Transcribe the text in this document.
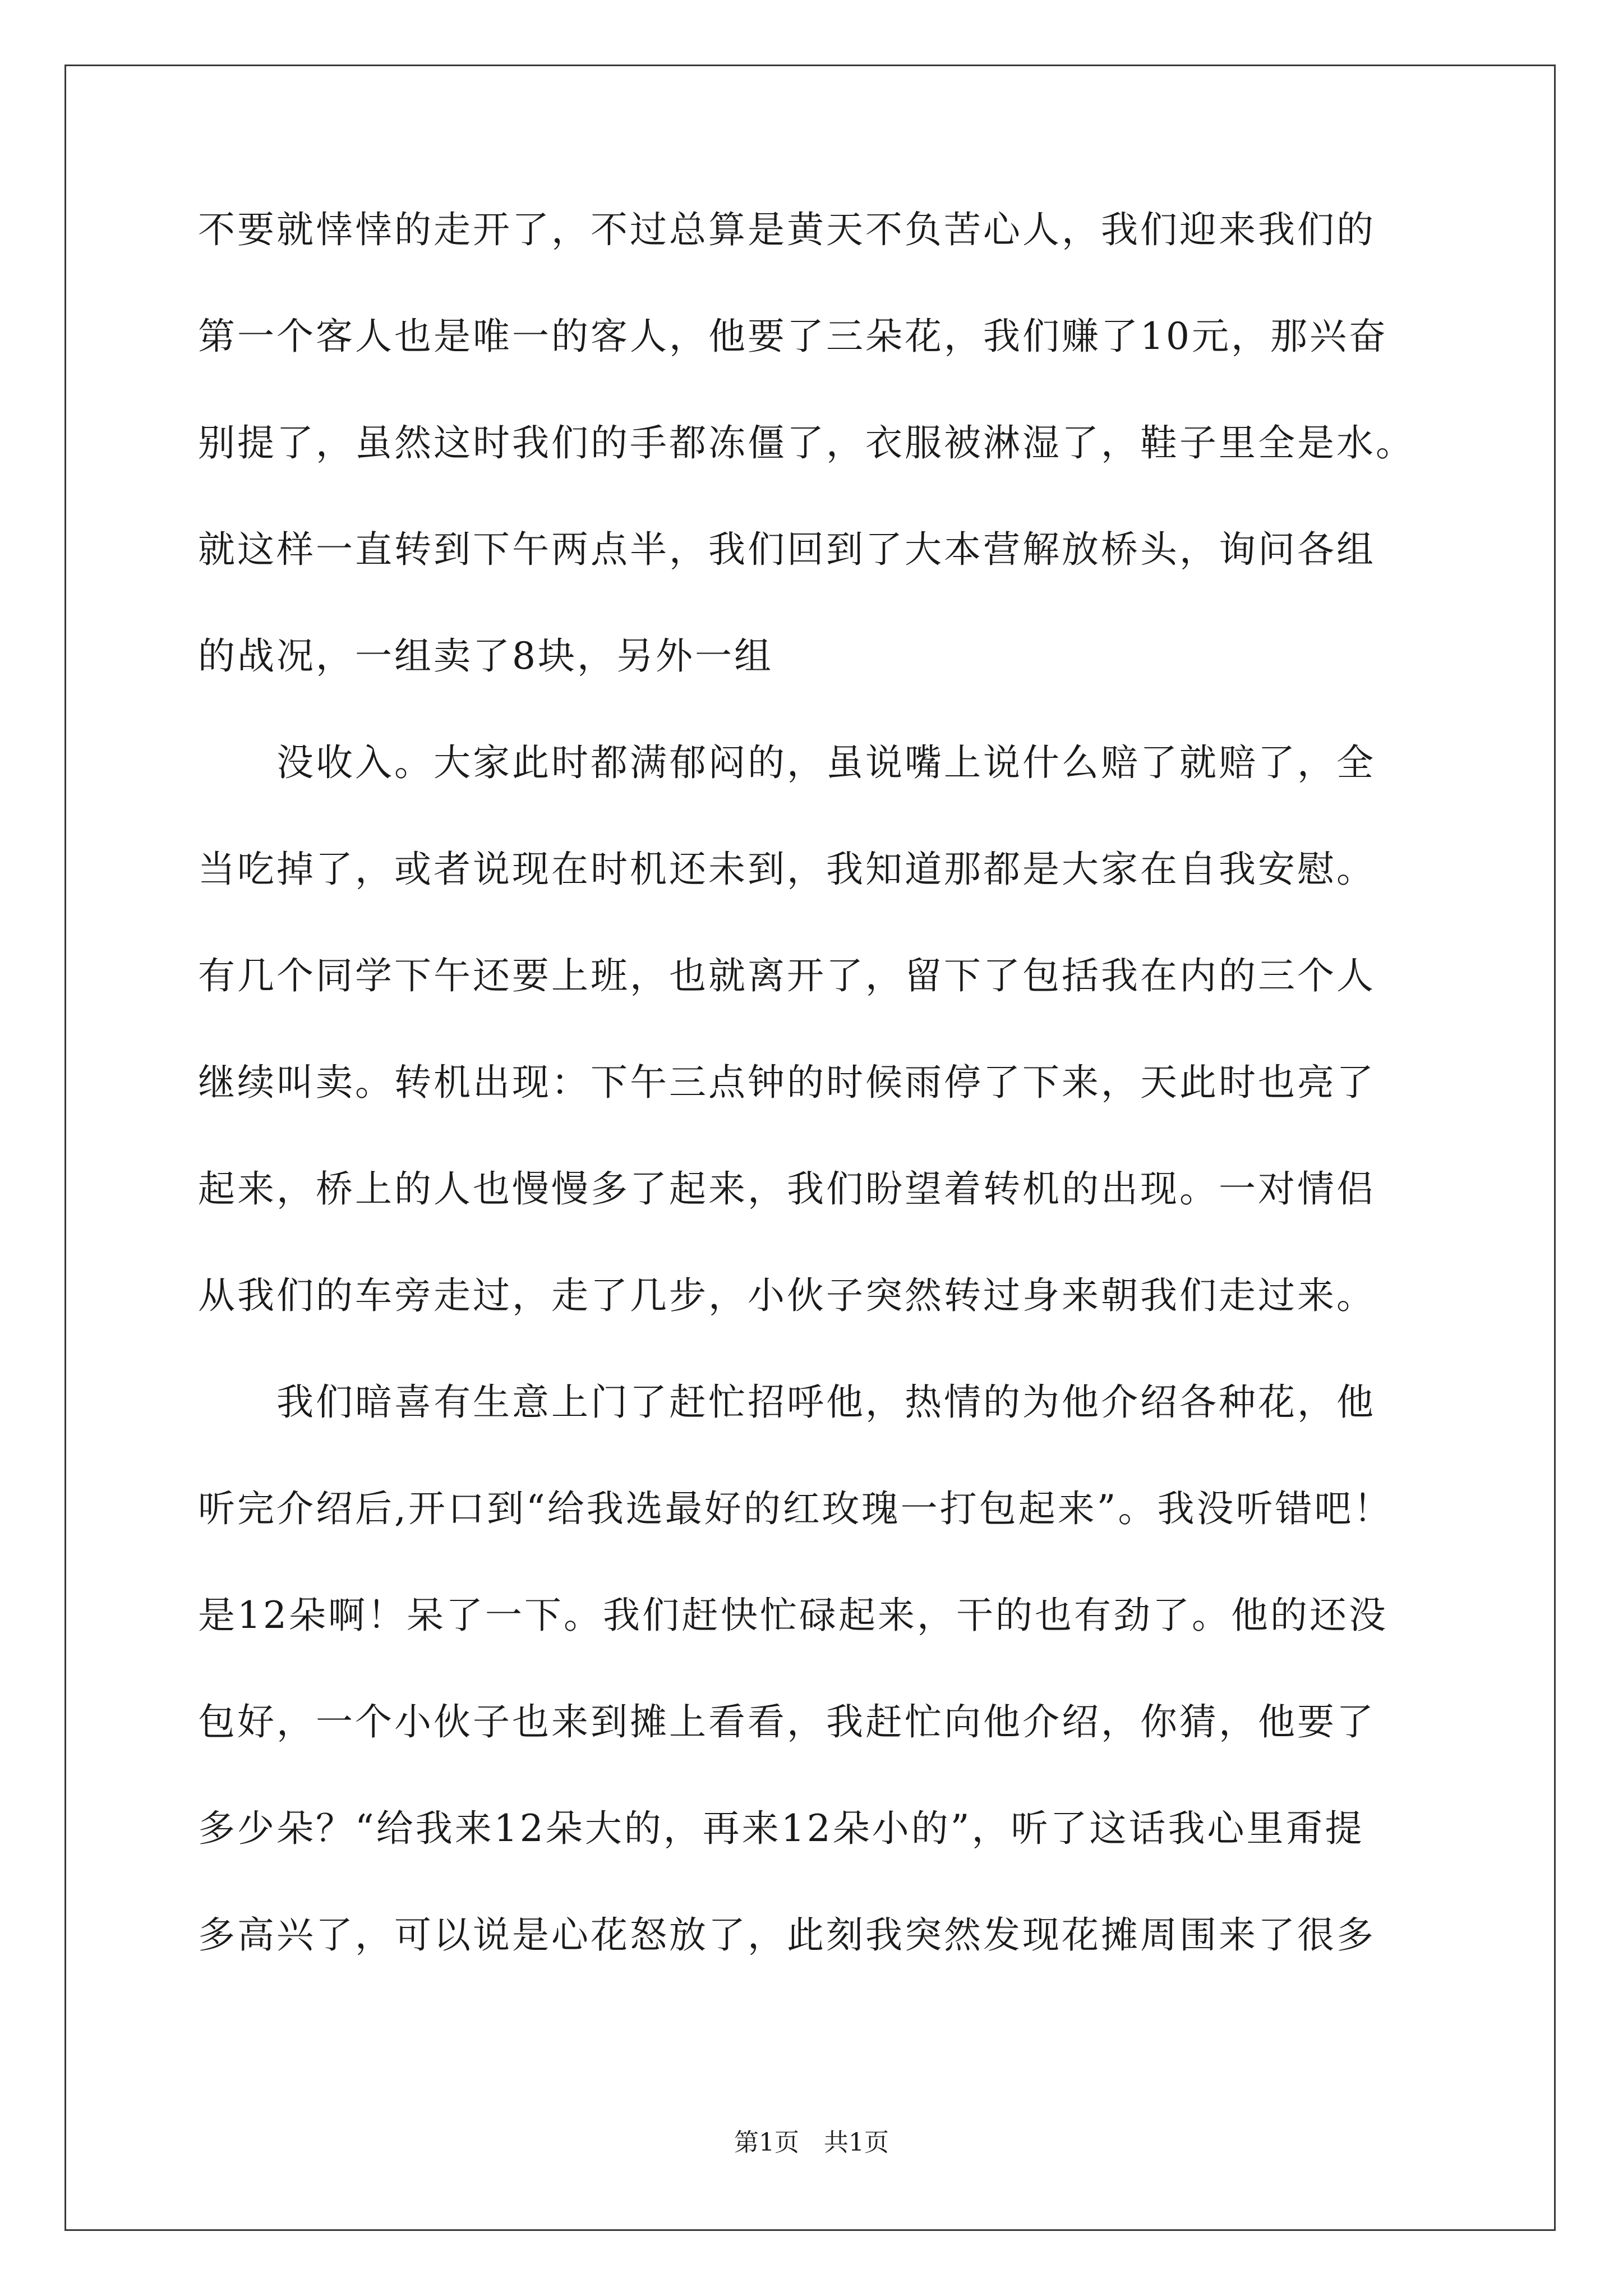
不要就悻悻的走开了，不过总算是黄天不负苦心人，我们迎来我们的
第一个客人也是唯一的客人，他要了三朵花，我们赚了10元，那兴奋
别提了，虽然这时我们的手都冻僵了，衣服被淋湿了，鞋子里全是水。
就这样一直转到下午两点半，我们回到了大本营解放桥头，询问各组
的战况，一组卖了8块，另外一组
没收入。大家此时都满郁闷的，虽说嘴上说什么赔了就赔了，全
当吃掉了，或者说现在时机还未到，我知道那都是大家在自我安慰。
有几个同学下午还要上班，也就离开了，留下了包括我在内的三个人
继续叫卖。转机出现：下午三点钟的时候雨停了下来，天此时也亮了
起来，桥上的人也慢慢多了起来，我们盼望着转机的出现。一对情侣
从我们的车旁走过，走了几步，小伙子突然转过身来朝我们走过来。
我们暗喜有生意上门了赶忙招呼他，热情的为他介绍各种花，他
听完介绍后,开口到“给我选最好的红玫瑰一打包起来”。我没听错吧！
是12朵啊！呆了一下。我们赶快忙碌起来，干的也有劲了。他的还没
包好，一个小伙子也来到摊上看看，我赶忙向他介绍，你猜，他要了
多少朵？“给我来12朵大的，再来12朵小的”，听了这话我心里甭提
多高兴了，可以说是心花怒放了，此刻我突然发现花摊周围来了很多
第1页　共1页
